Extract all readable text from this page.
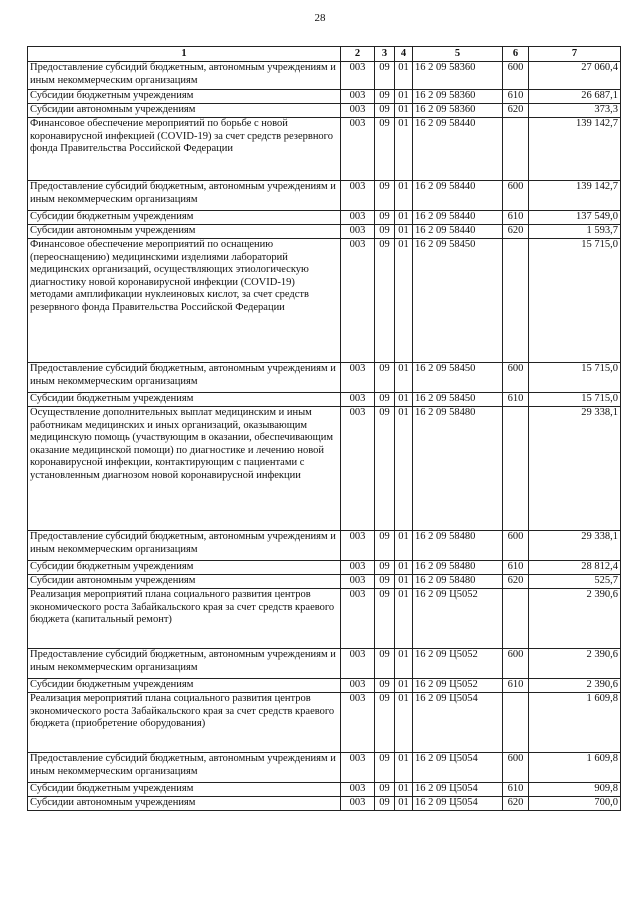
28
1	2	3	4	5	6	7
Предоставление субсидий бюджетным, автономным учреждениям и иным некоммерческим организациям	003	09	01	16 2 09 58360	600	27 060,4
Субсидии бюджетным учреждениям	003	09	01	16 2 09 58360	610	26 687,1
Субсидии автономным учреждениям	003	09	01	16 2 09 58360	620	373,3
Финансовое обеспечение мероприятий по борьбе с новой коронавирусной инфекцией (COVID-19) за счет средств резервного фонда Правительства Российской Федерации	003	09	01	16 2 09 58440		139 142,7
Предоставление субсидий бюджетным, автономным учреждениям и иным некоммерческим организациям	003	09	01	16 2 09 58440	600	139 142,7
Субсидии бюджетным учреждениям	003	09	01	16 2 09 58440	610	137 549,0
Субсидии автономным учреждениям	003	09	01	16 2 09 58440	620	1 593,7
Финансовое обеспечение мероприятий по оснащению (переоснащению) медицинскими изделиями лабораторий медицинских организаций, осуществляющих этиологическую диагностику новой коронавирусной инфекции (COVID-19) методами амплификации нуклеиновых кислот, за счет средств резервного фонда Правительства Российской Федерации	003	09	01	16 2 09 58450		15 715,0
Предоставление субсидий бюджетным, автономным учреждениям и иным некоммерческим организациям	003	09	01	16 2 09 58450	600	15 715,0
Субсидии бюджетным учреждениям	003	09	01	16 2 09 58450	610	15 715,0
Осуществление дополнительных выплат медицинским и иным работникам медицинских и иных организаций, оказывающим медицинскую помощь (участвующим в оказании, обеспечивающим оказание медицинской помощи) по диагностике и лечению новой коронавирусной инфекции, контактирующим с пациентами с установленным диагнозом новой коронавирусной инфекции	003	09	01	16 2 09 58480		29 338,1
Предоставление субсидий бюджетным, автономным учреждениям и иным некоммерческим организациям	003	09	01	16 2 09 58480	600	29 338,1
Субсидии бюджетным учреждениям	003	09	01	16 2 09 58480	610	28 812,4
Субсидии автономным учреждениям	003	09	01	16 2 09 58480	620	525,7
Реализация мероприятий плана социального развития центров экономического роста Забайкальского края за счет средств краевого бюджета (капитальный ремонт)	003	09	01	16 2 09 Ц5052		2 390,6
Предоставление субсидий бюджетным, автономным учреждениям и иным некоммерческим организациям	003	09	01	16 2 09 Ц5052	600	2 390,6
Субсидии бюджетным учреждениям	003	09	01	16 2 09 Ц5052	610	2 390,6
Реализация мероприятий плана социального развития центров экономического роста Забайкальского края за счет средств краевого бюджета (приобретение оборудования)	003	09	01	16 2 09 Ц5054		1 609,8
Предоставление субсидий бюджетным, автономным учреждениям и иным некоммерческим организациям	003	09	01	16 2 09 Ц5054	600	1 609,8
Субсидии бюджетным учреждениям	003	09	01	16 2 09 Ц5054	610	909,8
Субсидии автономным учреждениям	003	09	01	16 2 09 Ц5054	620	700,0
